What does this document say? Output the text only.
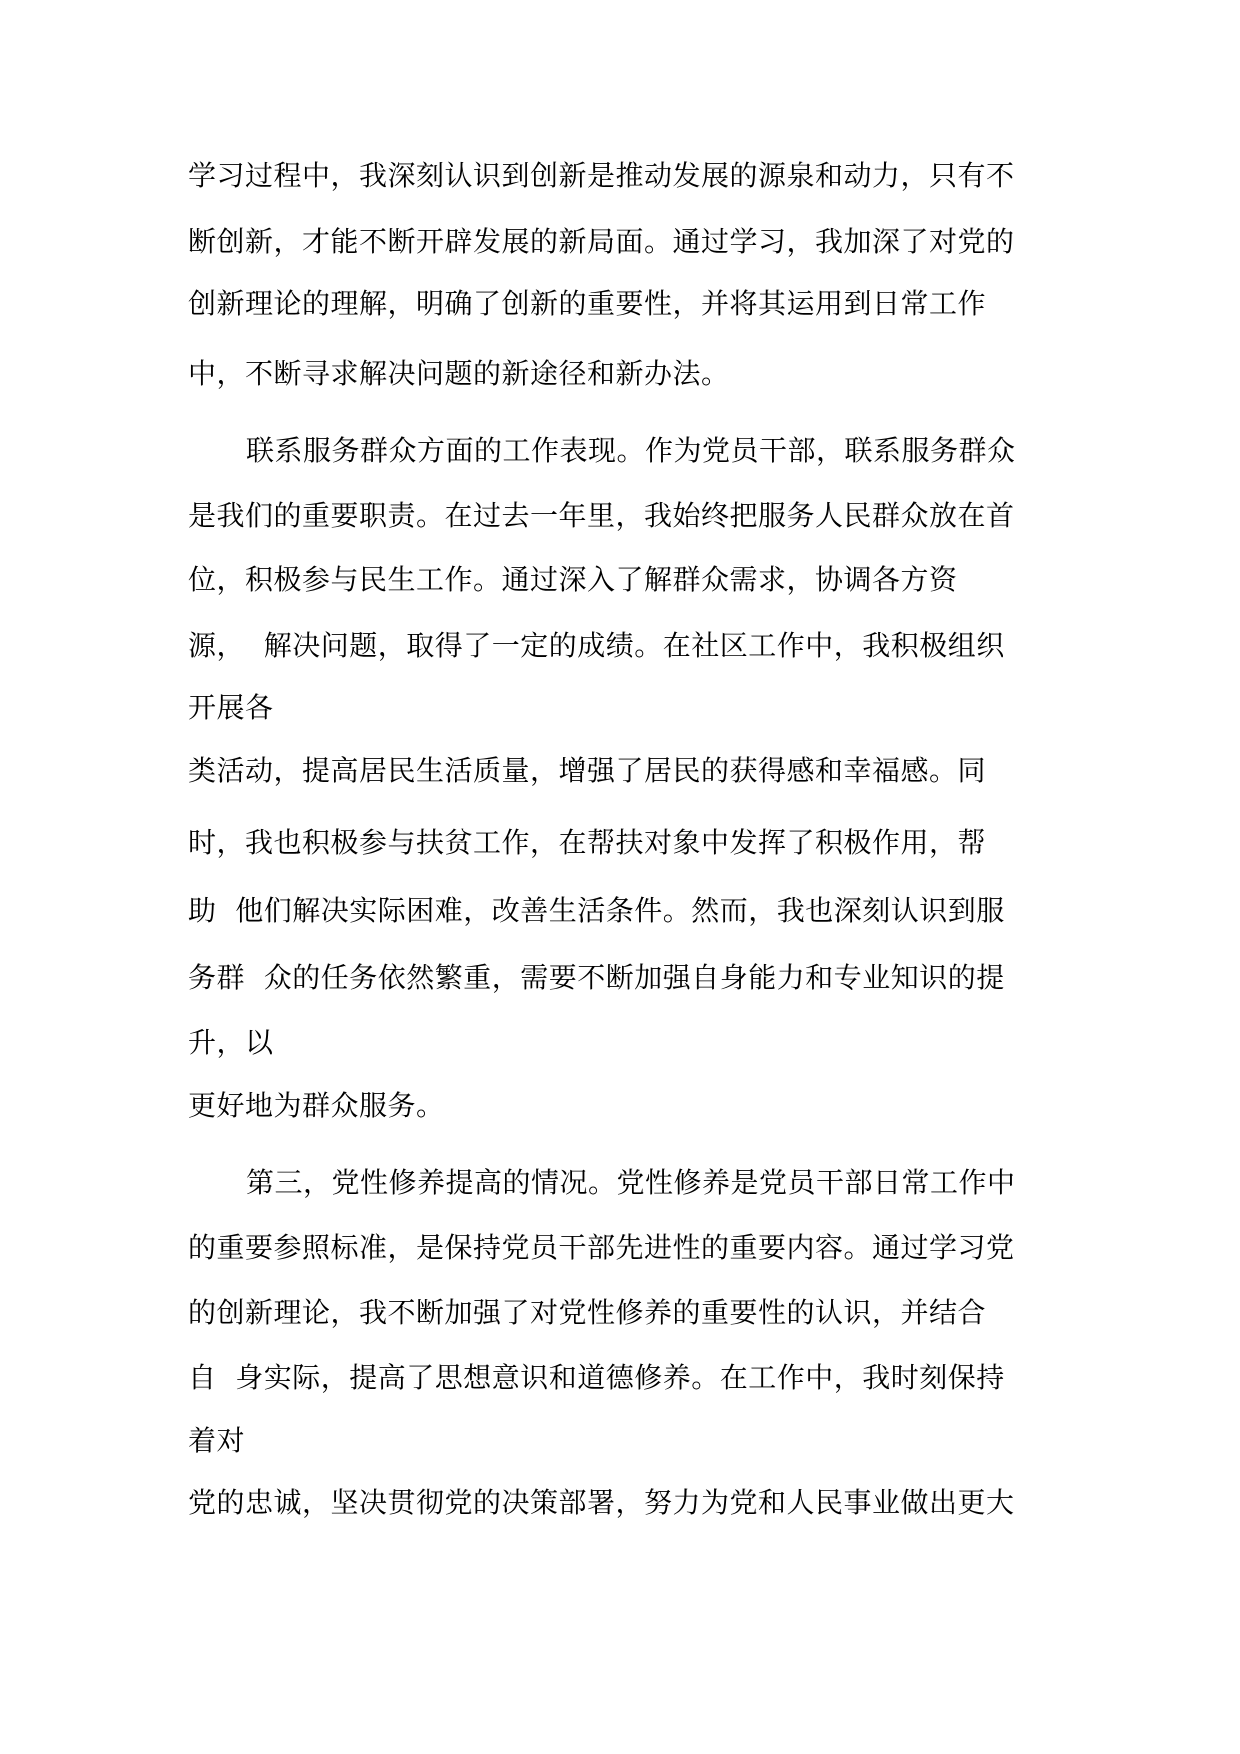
学习过程中，我深刻认识到创新是推动发展的源泉和动力，只有不
断创新，才能不断开辟发展的新局面。通过学习，我加深了对党的
创新理论的理解，明确了创新的重要性，并将其运用到日常工作
中，不断寻求解决问题的新途径和新办法。
联系服务群众方面的工作表现。作为党员干部，联系服务群众
是我们的重要职责。在过去一年里，我始终把服务人民群众放在首
位，积极参与民生工作。通过深入了解群众需求，协调各方资
源，  解决问题，取得了一定的成绩。在社区工作中，我积极组织
开展各
类活动，提高居民生活质量，增强了居民的获得感和幸福感。同
时，我也积极参与扶贫工作，在帮扶对象中发挥了积极作用，帮
助  他们解决实际困难，改善生活条件。然而，我也深刻认识到服
务群  众的任务依然繁重，需要不断加强自身能力和专业知识的提
升，以
更好地为群众服务。
第三，党性修养提高的情况。党性修养是党员干部日常工作中
的重要参照标准，是保持党员干部先进性的重要内容。通过学习党
的创新理论，我不断加强了对党性修养的重要性的认识，并结合
自  身实际，提高了思想意识和道德修养。在工作中，我时刻保持
着对
党的忠诚，坚决贯彻党的决策部署，努力为党和人民事业做出更大
